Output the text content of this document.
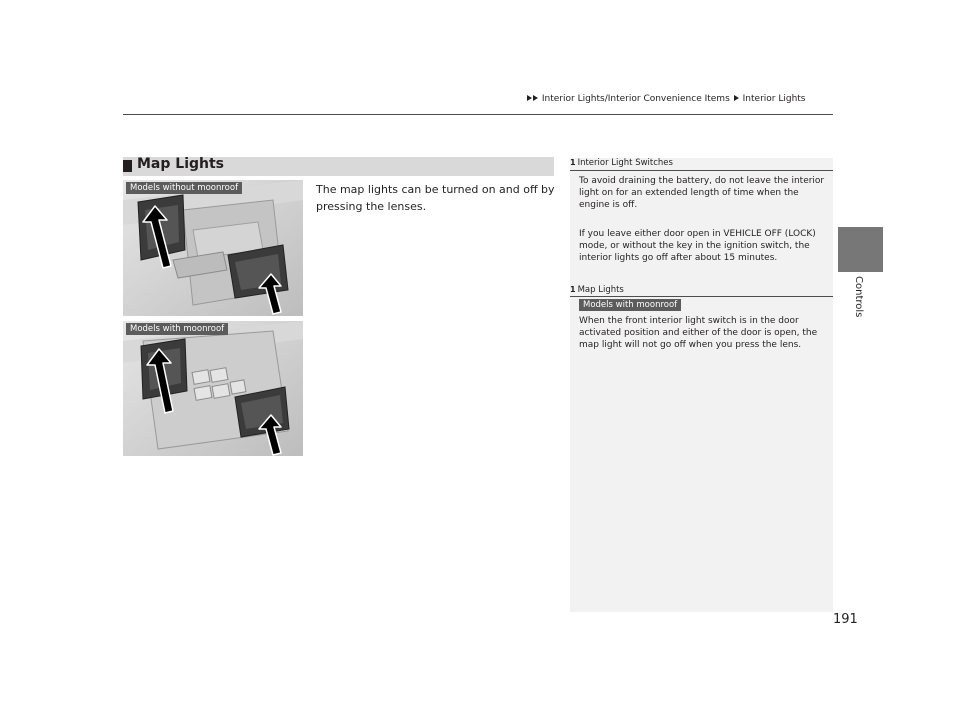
Interior Lights/Interior Convenience Items Interior Lights
Controls
Map Lights
The map lights can be turned on and off by pressing the lenses.
Models without moonroof
Models with moonroof
1 Interior Light Switches
To avoid draining the battery, do not leave the interior light on for an extended length of time when the engine is off.
If you leave either door open in VEHICLE OFF (LOCK) mode, or without the key in the ignition switch, the interior lights go off after about 15 minutes.
1 Map Lights
Models with moonroof
When the front interior light switch is in the door activated position and either of the door is open, the map light will not go off when you press the lens.
191
